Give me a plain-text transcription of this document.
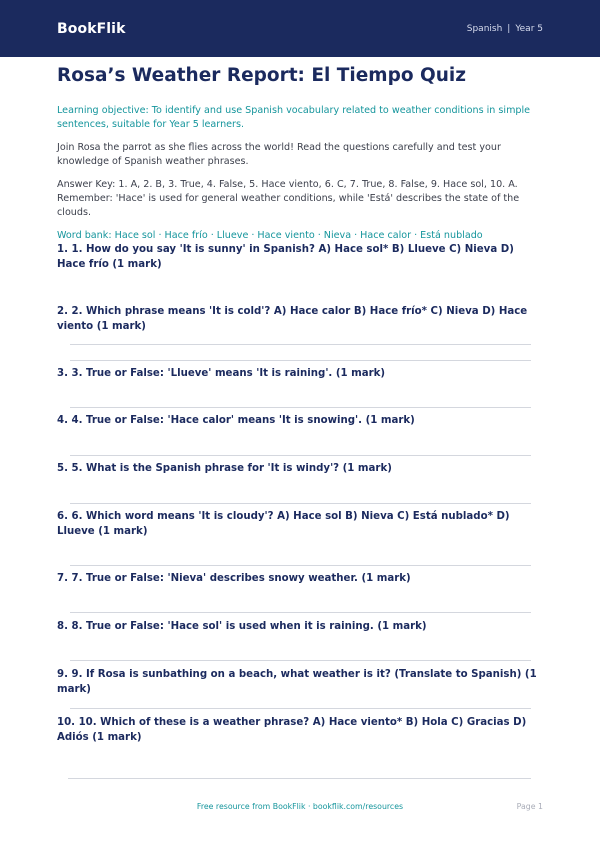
BookFlik	Spanish | Year 5
Rosa’s Weather Report: El Tiempo Quiz

Learning objective: To identify and use Spanish vocabulary related to weather conditions in simple sentences, suitable for Year 5 learners.

Join Rosa the parrot as she flies across the world! Read the questions carefully and test your knowledge of Spanish weather phrases.

Answer Key: 1. A, 2. B, 3. True, 4. False, 5. Hace viento, 6. C, 7. True, 8. False, 9. Hace sol, 10. A. Remember: 'Hace' is used for general weather conditions, while 'Está' describes the state of the clouds.

Word bank: Hace sol · Hace frío · Llueve · Hace viento · Nieva · Hace calor · Está nublado

1. 1. How do you say 'It is sunny' in Spanish? A) Hace sol* B) Llueve C) Nieva D) Hace frío (1 mark)

2. 2. Which phrase means 'It is cold'? A) Hace calor B) Hace frío* C) Nieva D) Hace viento (1 mark)

3. 3. True or False: 'Llueve' means 'It is raining'. (1 mark)

4. 4. True or False: 'Hace calor' means 'It is snowing'. (1 mark)

5. 5. What is the Spanish phrase for 'It is windy'? (1 mark)

6. 6. Which word means 'It is cloudy'? A) Hace sol B) Nieva C) Está nublado* D) Llueve (1 mark)

7. 7. True or False: 'Nieva' describes snowy weather. (1 mark)

8. 8. True or False: 'Hace sol' is used when it is raining. (1 mark)

9. 9. If Rosa is sunbathing on a beach, what weather is it? (Translate to Spanish) (1 mark)

10. 10. Which of these is a weather phrase? A) Hace viento* B) Hola C) Gracias D) Adiós (1 mark)

Free resource from BookFlik · bookflik.com/resources	Page 1
